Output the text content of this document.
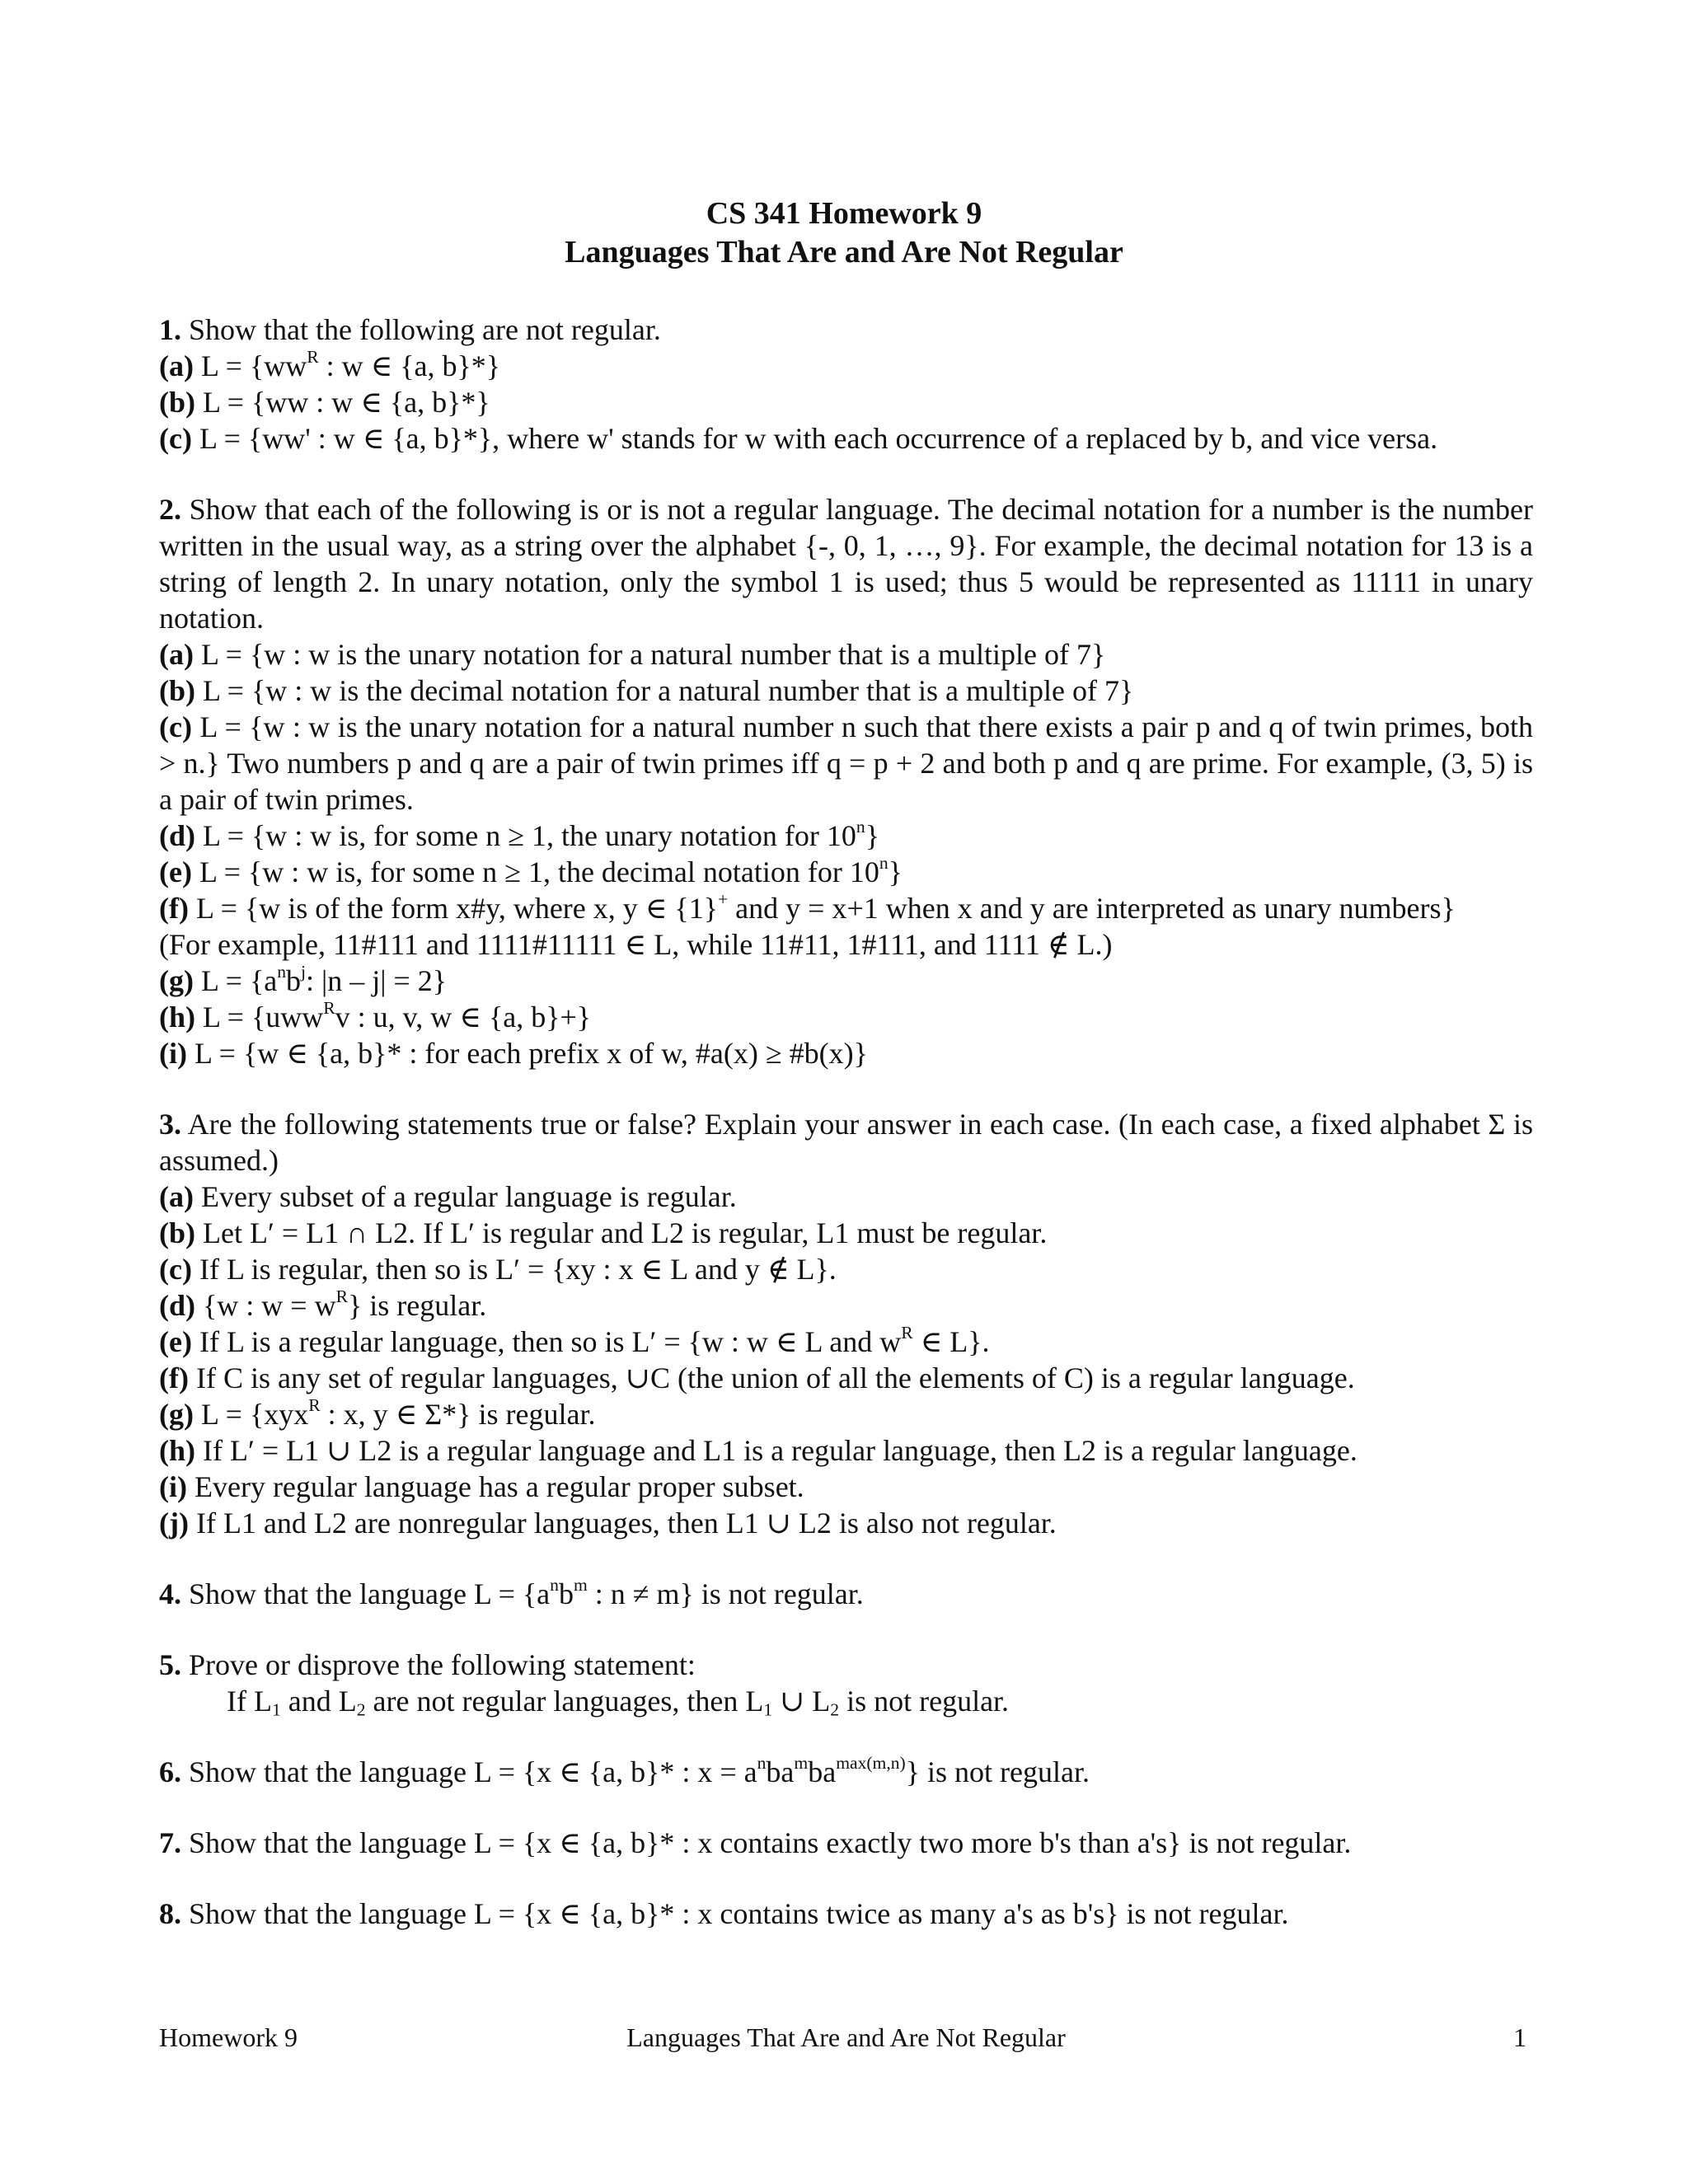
CS 341 Homework 9
Languages That Are and Are Not Regular

1. Show that the following are not regular.

(a) $L = \{ww^R$ : w ∈ {a, b}*}

(b) L = {ww : w ∈ {a, b}*}

(c) L = {ww' : w ∈ {a, b}*}, where w' stands for w with each occurrence of a replaced by b, and vice versa.

2. Show that each of the following is or is not a regular language. The decimal notation for a number is the number written in the usual way, as a string over the alphabet {-, 0, 1, …, 9}. For example, the decimal notation for 13 is a string of length 2. In unary notation, only the symbol 1 is used; thus 5 would be represented as 11111 in unary notation.

(a) L = {w : w is the unary notation for a natural number that is a multiple of 7}

(b) L = {w : w is the decimal notation for a natural number that is a multiple of 7}

(c) L = {w : w is the unary notation for a natural number n such that there exists a pair p and q of twin primes, both > n.} Two numbers p and q are a pair of twin primes iff q = p + 2 and both p and q are prime. For example, (3, 5) is a pair of twin primes.

(d) L = {w : w is, for some n ≥ 1, the unary notation for 10$^n$}

(e) L = {w : w is, for some n ≥ 1, the decimal notation for 10$^n$}

(f) L = {w is of the form x#y, where x, y ∈ {1}+ and y = x+1 when x and y are interpreted as unary numbers}

(For example, 11#111 and 1111#11111 ∈ L, while 11#11, 1#111, and 1111 ∉ L.)

(g) $L = \{a^nb^j$: |n – j| = 2}

(h) L = {uww$^R$v : u, v, w ∈ {a, b}+}

(i) L = {w ∈ {a, b}* : for each prefix x of w, #a(x) ≥ #b(x)}

3. Are the following statements true or false? Explain your answer in each case. (In each case, a fixed alphabet Σ is assumed.)

(a) Every subset of a regular language is regular.

(b) Let L′ = L1 ∩ L2. If L′ is regular and L2 is regular, L1 must be regular.

(c) If L is regular, then so is L′ = {xy : x ∈ L and y ∉ L}.

(d) {w : $w = w^R$} is regular.

(e) If L is a regular language, then so is L′ = {w : w ∈ L and $w^R$ ∈ L}.

(f) If C is any set of regular languages, ∪C (the union of all the elements of C) is a regular language.

(g) L = {xyx$^R$ : x, y ∈ Σ*} is regular.

(h) If L′ = L1 ∪ L2 is a regular language and L1 is a regular language, then L2 is a regular language.

(i) Every regular language has a regular proper subset.

(j) If L1 and L2 are nonregular languages, then L1 ∪ L2 is also not regular.

4. Show that the language $L = \{a^nb^m$ : n ≠ m} is not regular.

5. Prove or disprove the following statement:

If $L_1$ and $L_2$ are not regular languages, then $L_1$ ∪ $L_2$ is not regular.

6. Show that the language L = {x ∈ {a, b}* : $x = a^nba^mba^{max(m,n)}$} is not regular.

7. Show that the language L = {x ∈ {a, b}* : x contains exactly two more b's than a's} is not regular.

8. Show that the language L = {x ∈ {a, b}* : x contains twice as many a's as b's} is not regular.

Languages That Are and Are Not Regular
Homework 9	1
